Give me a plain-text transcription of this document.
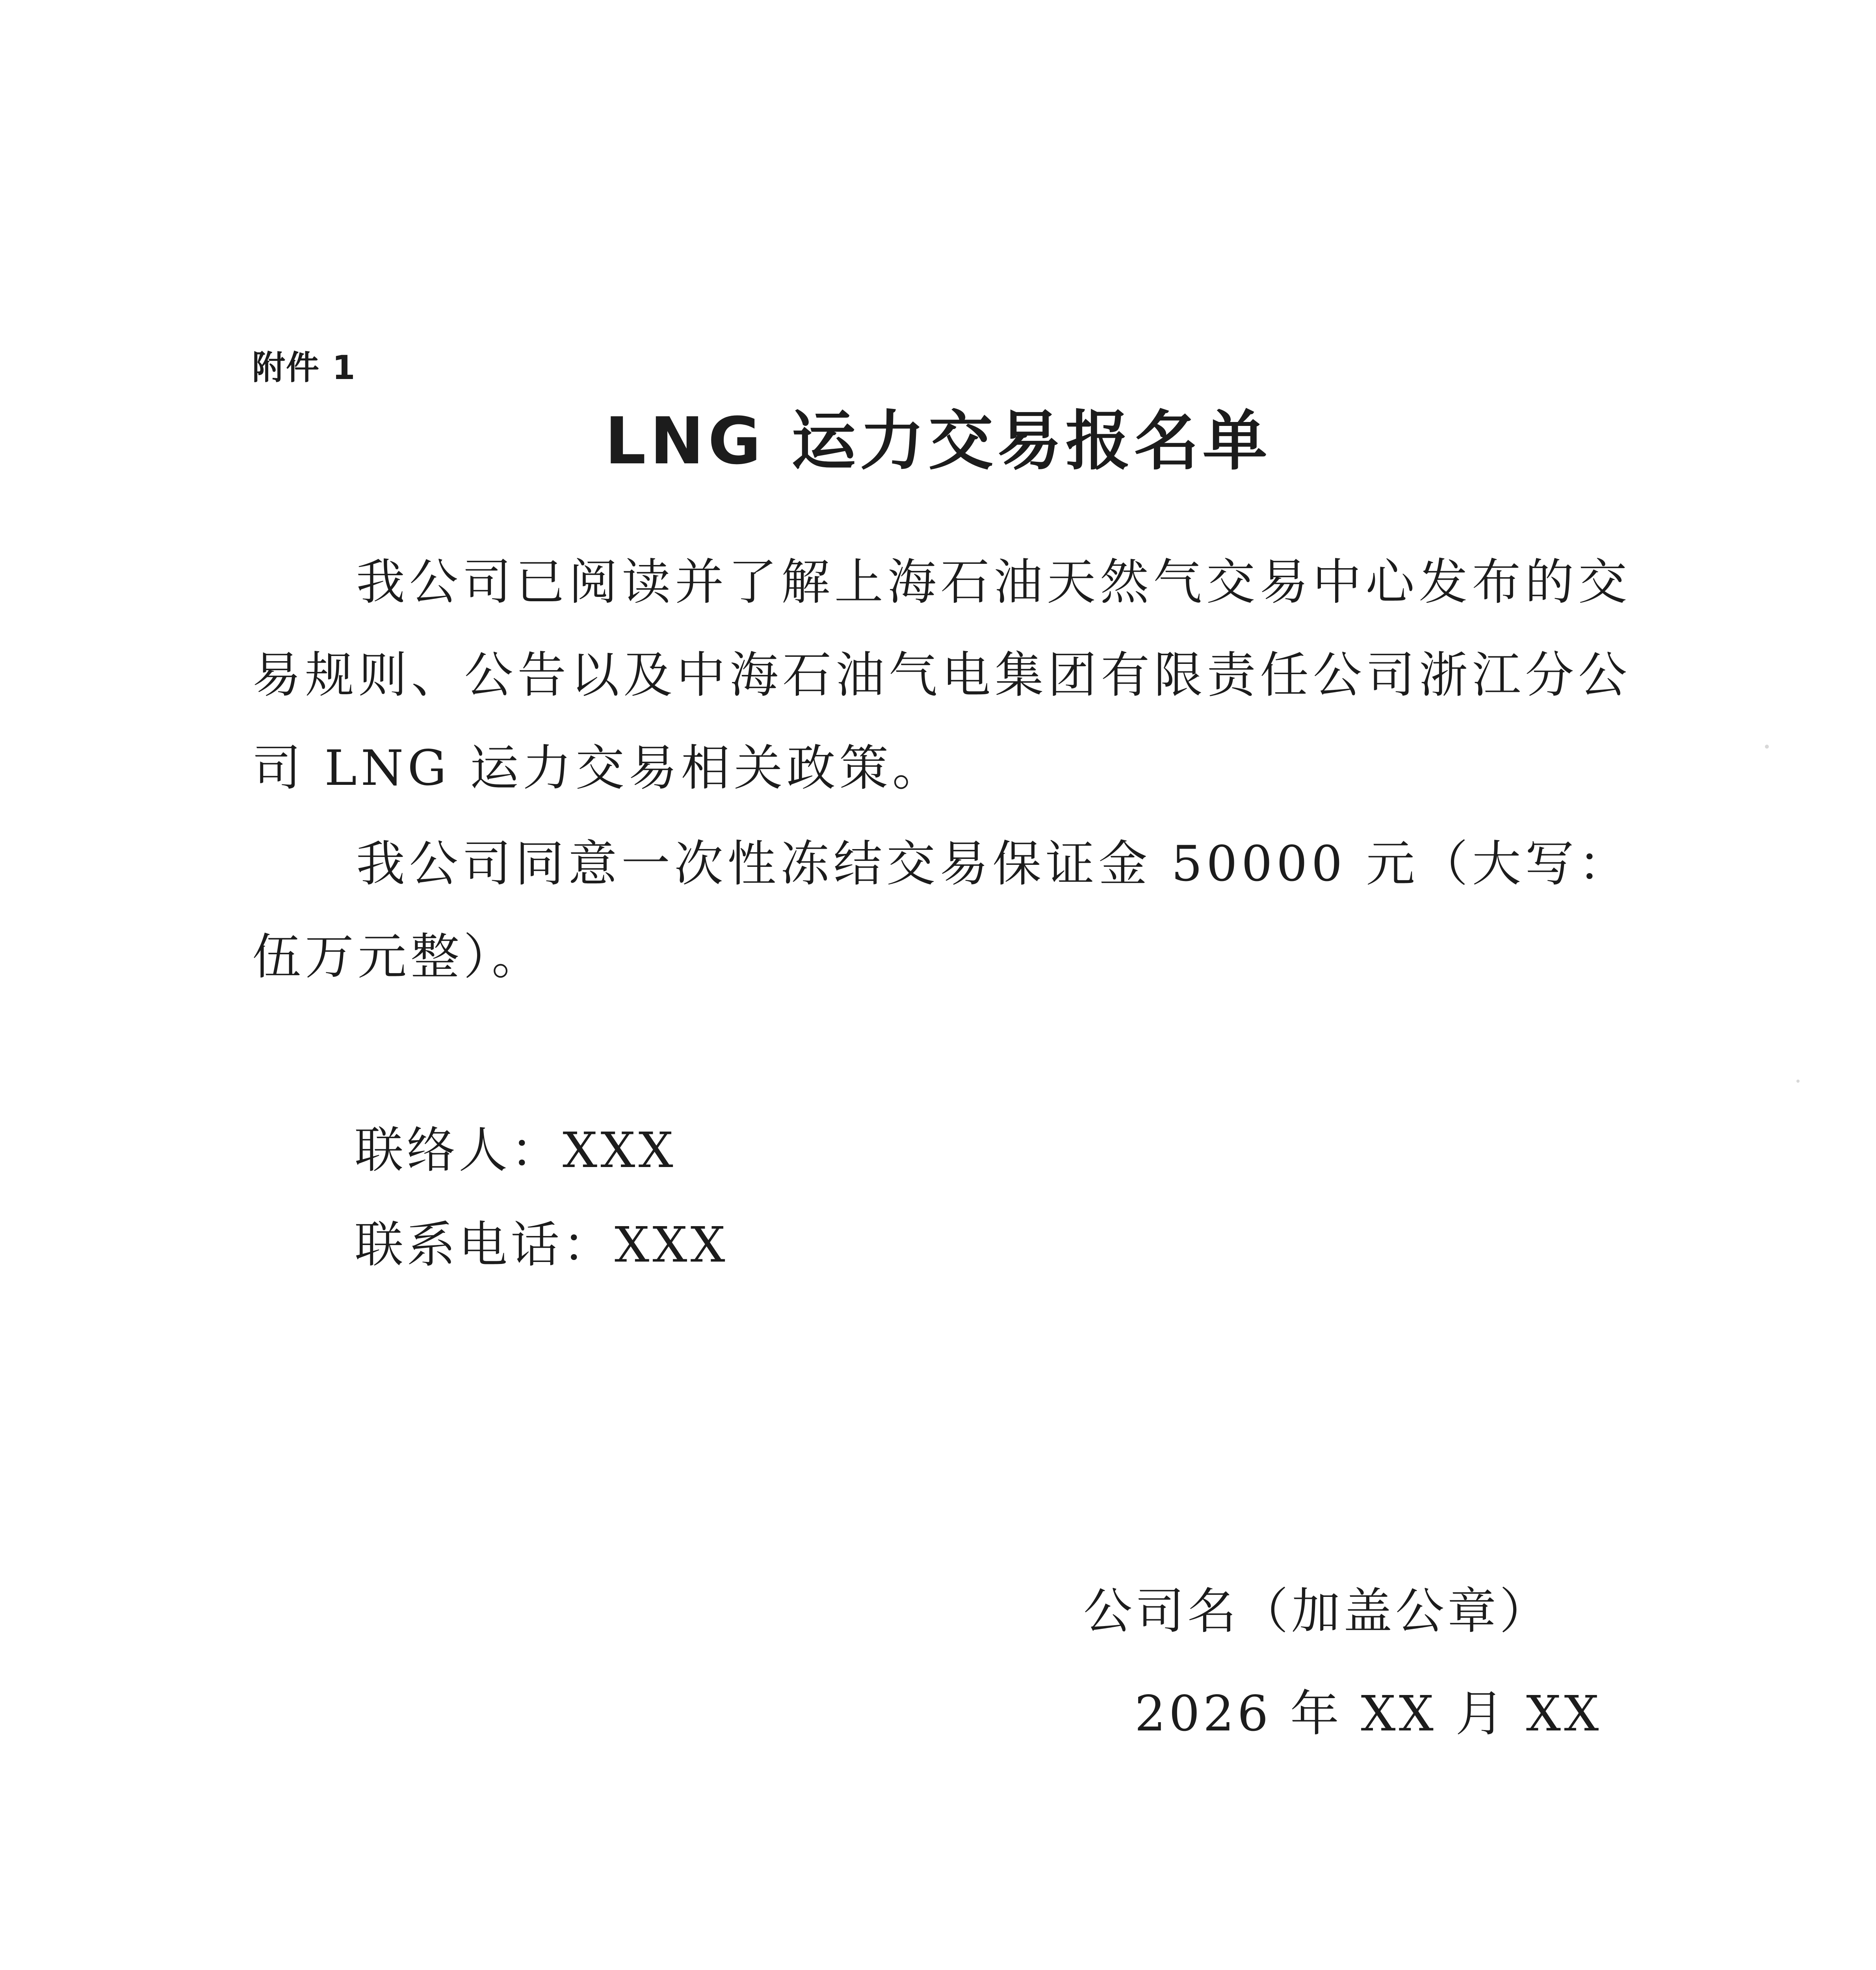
附件 1
LNG 运力交易报名单
我公司已阅读并了解上海石油天然气交易中心发布的交易规则、公告以及中海石油气电集团有限责任公司浙江分公司 LNG 运力交易相关政策。
我公司同意一次性冻结交易保证金 50000 元（大写：伍万元整）。
联络人：XXX
联系电话：XXX
公司名（加盖公章）
2026 年 XX 月 XX
